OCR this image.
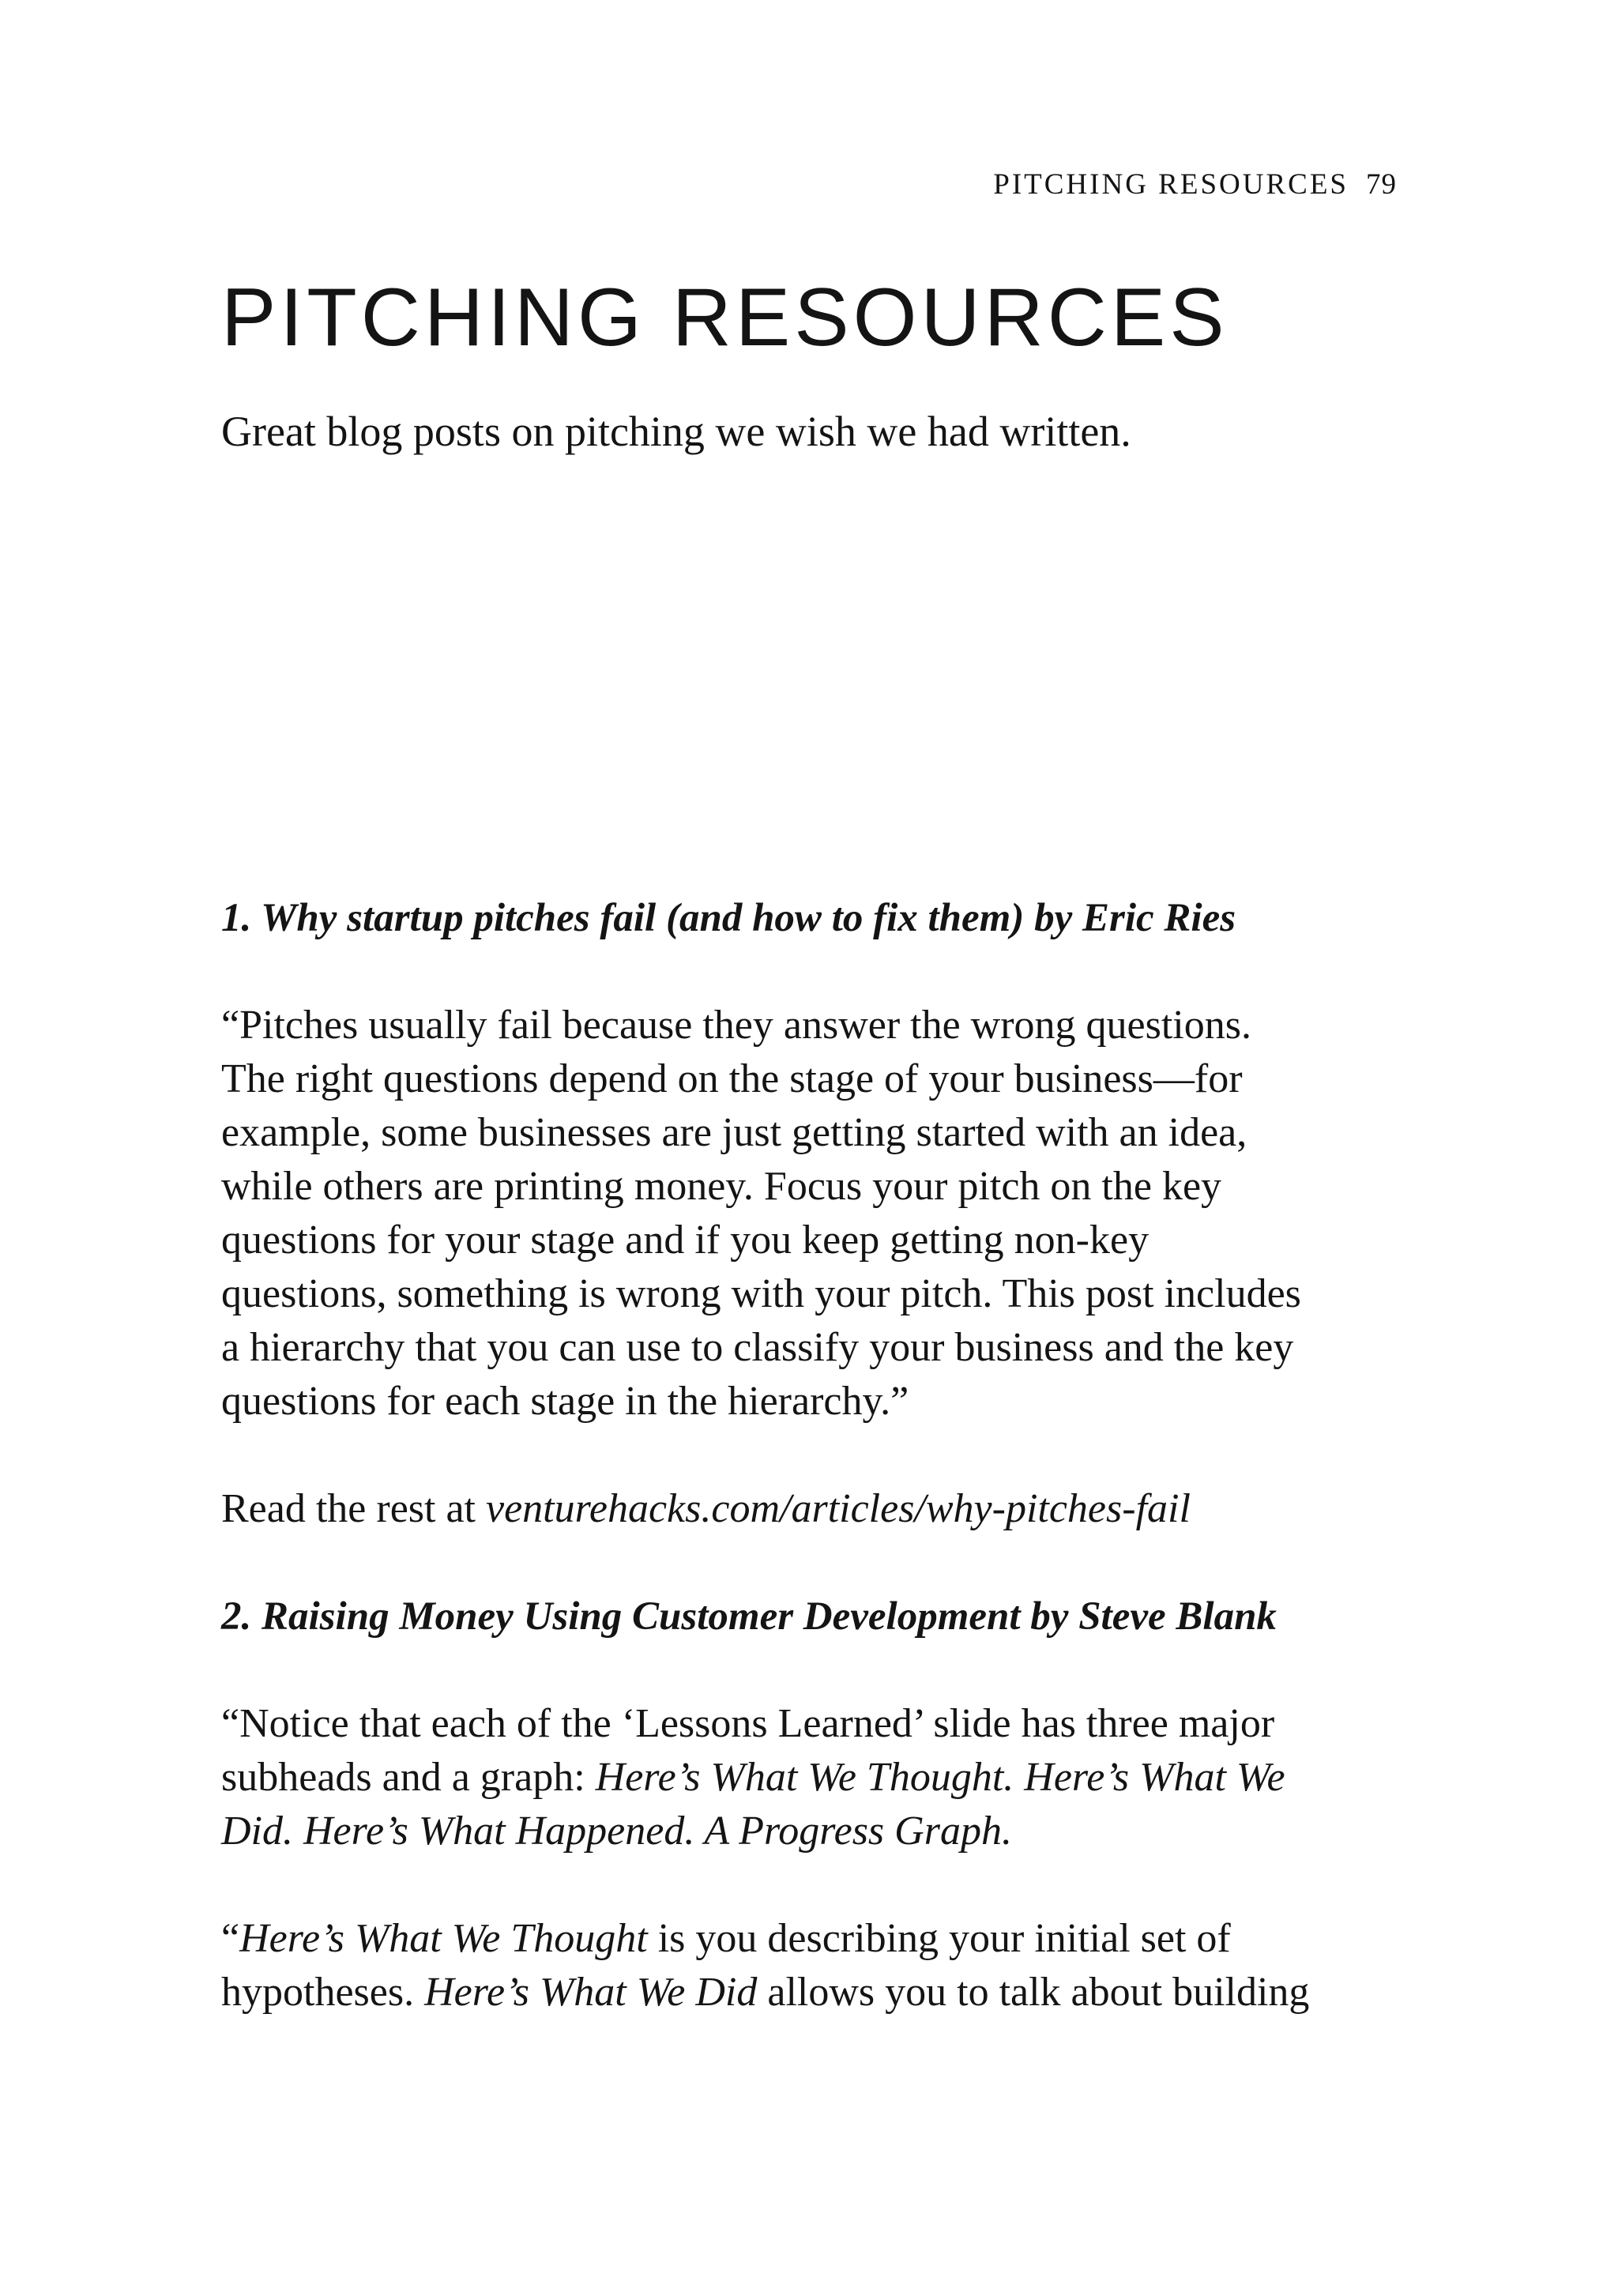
PITCHING RESOURCES 79
PITCHING RESOURCES

Great blog posts on pitching we wish we had written.

1. Why startup pitches fail (and how to fix them) by Eric Ries

“Pitches usually fail because they answer the wrong questions.
The right questions depend on the stage of your business—for
example, some businesses are just getting started with an idea,
while others are printing money. Focus your pitch on the key
questions for your stage and if you keep getting non-key
questions, something is wrong with your pitch. This post includes
a hierarchy that you can use to classify your business and the key
questions for each stage in the hierarchy.”

Read the rest at venturehacks.com/articles/why-pitches-fail

2. Raising Money Using Customer Development by Steve Blank

“Notice that each of the ‘Lessons Learned’ slide has three major
subheads and a graph: Here’s What We Thought. Here’s What We
Did. Here’s What Happened. A Progress Graph.
“Here’s What We Thought is you describing your initial set of
hypotheses. Here’s What We Did allows you to talk about building
